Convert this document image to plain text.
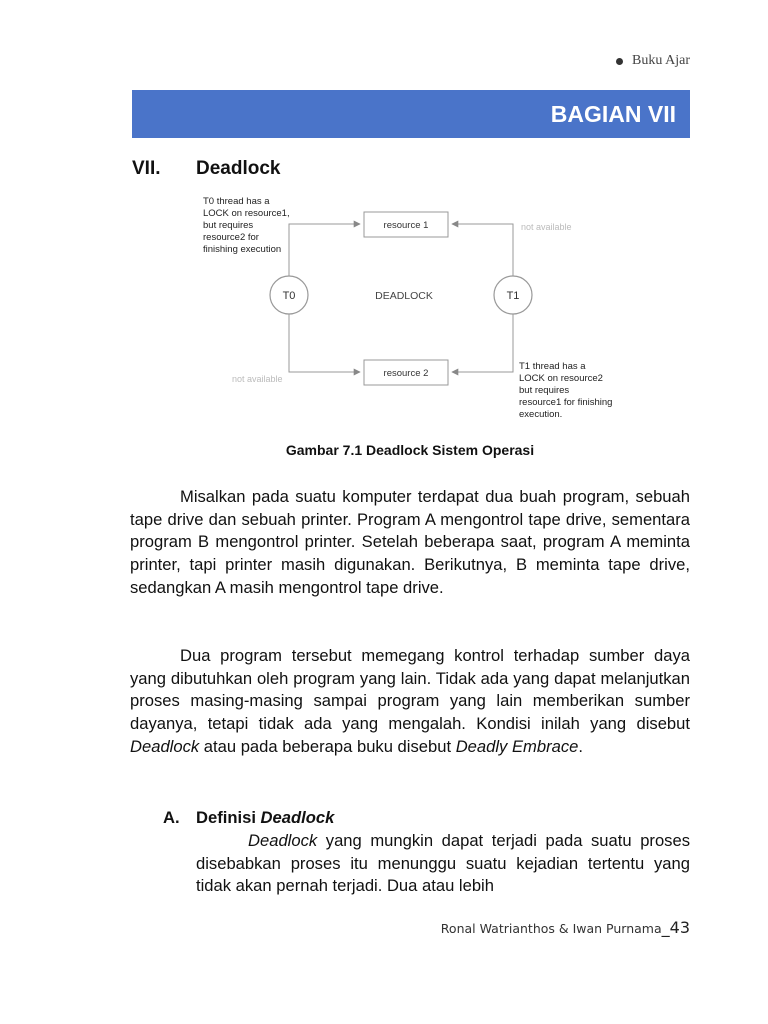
Buku Ajar
BAGIAN VII
VII. Deadlock
T0 thread has a LOCK on resource1, but requires resource2 for finishing execution
resource 1
resource 2
T0	T1
DEADLOCK
not available
not available
T1 thread has a LOCK on resource2 but requires resource1 for finishing execution.
Gambar 7.1 Deadlock Sistem Operasi

Misalkan pada suatu komputer terdapat dua buah program, sebuah tape drive dan sebuah printer. Program A mengontrol tape drive, sementara program B mengontrol printer. Setelah beberapa saat, program A meminta printer, tapi printer masih digunakan. Berikutnya, B meminta tape drive, sedangkan A masih mengontrol tape drive.

Dua program tersebut memegang kontrol terhadap sumber daya yang dibutuhkan oleh program yang lain. Tidak ada yang dapat melanjutkan proses masing-masing sampai program yang lain memberikan sumber dayanya, tetapi tidak ada yang mengalah. Kondisi inilah yang disebut Deadlock atau pada beberapa buku disebut Deadly Embrace.

A. Definisi Deadlock

Deadlock yang mungkin dapat terjadi pada suatu proses disebabkan proses itu menunggu suatu kejadian tertentu yang tidak akan pernah terjadi. Dua atau lebih

Ronal Watrianthos & Iwan Purnama_43
